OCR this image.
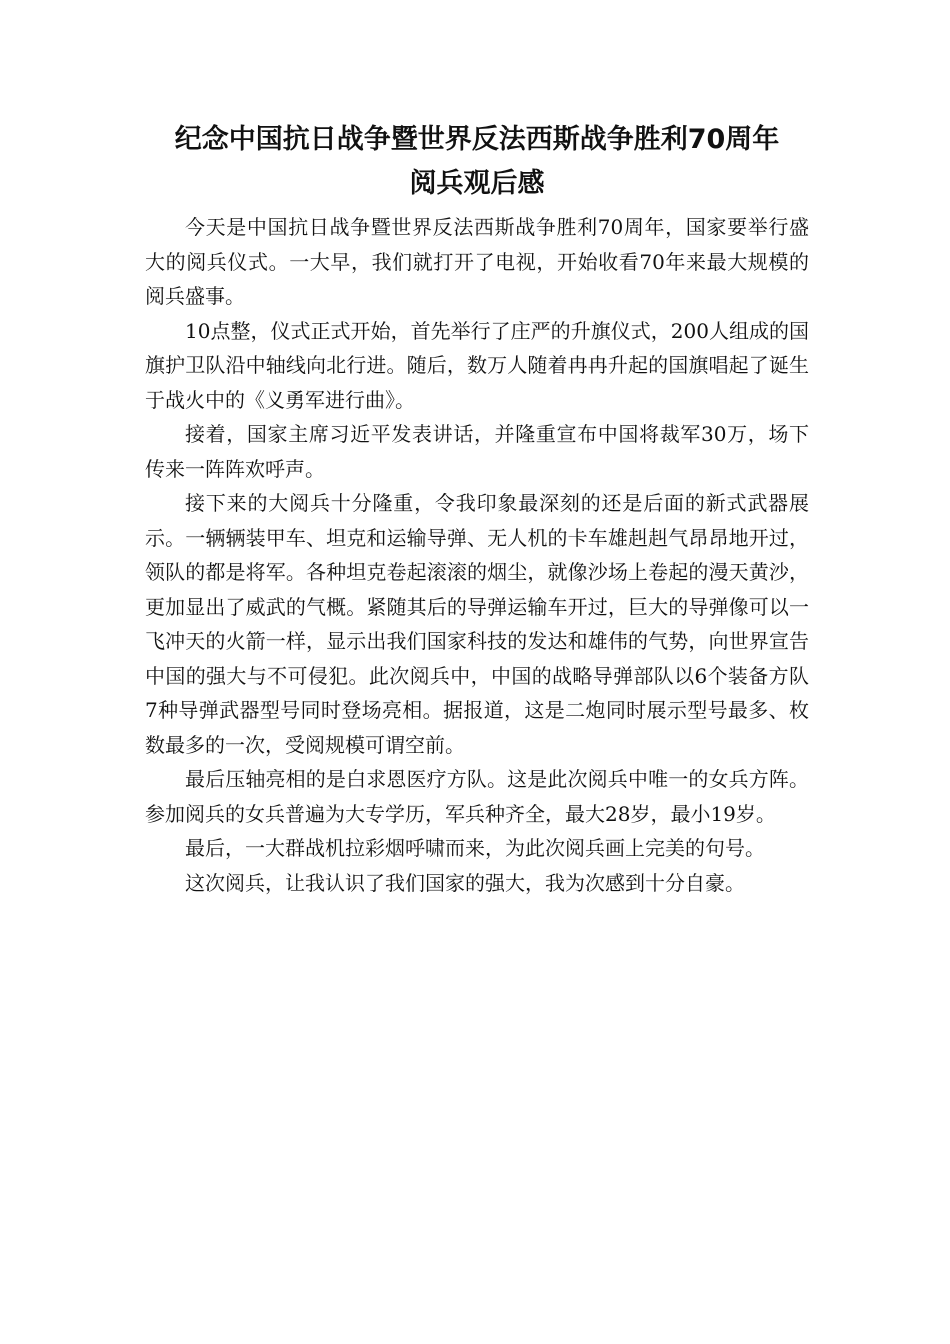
纪念中国抗日战争暨世界反法西斯战争胜利70周年
阅兵观后感

今天是中国抗日战争暨世界反法西斯战争胜利70周年，国家要举行盛大的阅兵仪式。一大早，我们就打开了电视，开始收看70年来最大规模的阅兵盛事。

10点整，仪式正式开始，首先举行了庄严的升旗仪式，200人组成的国旗护卫队沿中轴线向北行进。随后，数万人随着冉冉升起的国旗唱起了诞生于战火中的《义勇军进行曲》。

接着，国家主席习近平发表讲话，并隆重宣布中国将裁军30万，场下传来一阵阵欢呼声。

接下来的大阅兵十分隆重，令我印象最深刻的还是后面的新式武器展示。一辆辆装甲车、坦克和运输导弹、无人机的卡车雄赳赳气昂昂地开过，领队的都是将军。各种坦克卷起滚滚的烟尘，就像沙场上卷起的漫天黄沙，更加显出了威武的气概。紧随其后的导弹运输车开过，巨大的导弹像可以一飞冲天的火箭一样，显示出我们国家科技的发达和雄伟的气势，向世界宣告中国的强大与不可侵犯。此次阅兵中，中国的战略导弹部队以6个装备方队7种导弹武器型号同时登场亮相。据报道，这是二炮同时展示型号最多、枚数最多的一次，受阅规模可谓空前。

最后压轴亮相的是白求恩医疗方队。这是此次阅兵中唯一的女兵方阵。参加阅兵的女兵普遍为大专学历，军兵种齐全，最大28岁，最小19岁。

最后，一大群战机拉彩烟呼啸而来，为此次阅兵画上完美的句号。

这次阅兵，让我认识了我们国家的强大，我为次感到十分自豪。
